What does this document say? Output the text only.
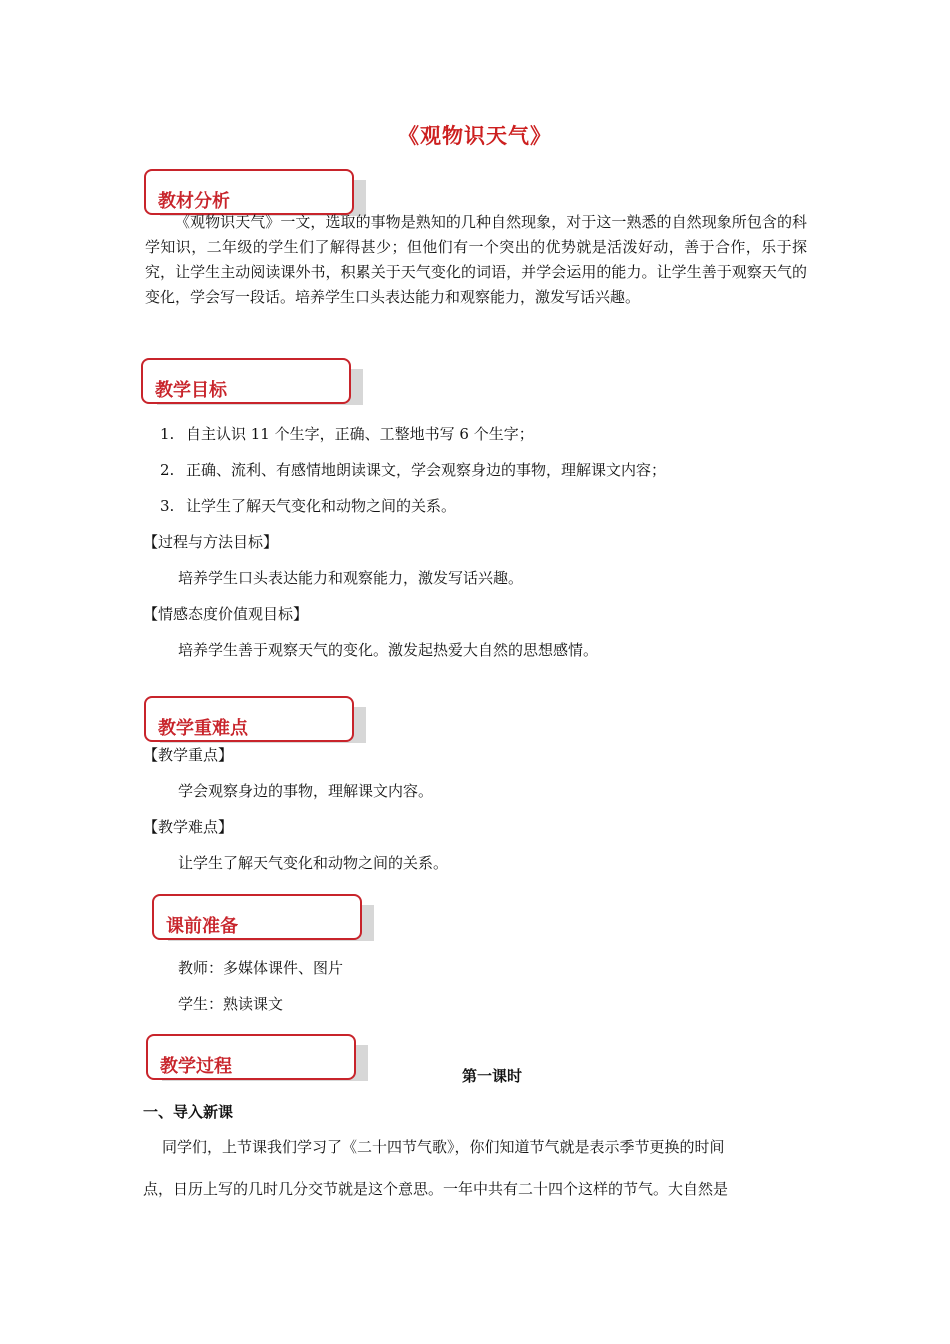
《观物识天气》
教材分析
《观物识天气》一文，选取的事物是熟知的几种自然现象，对于这一熟悉的自然现象所包含的科学知识，二年级的学生们了解得甚少；但他们有一个突出的优势就是活泼好动，善于合作，乐于探究，让学生主动阅读课外书，积累关于天气变化的词语，并学会运用的能力。让学生善于观察天气的变化，学会写一段话。培养学生口头表达能力和观察能力，激发写话兴趣。
教学目标
1. 自主认识 11 个生字，正确、工整地书写 6 个生字；
2. 正确、流利、有感情地朗读课文，学会观察身边的事物，理解课文内容；
3. 让学生了解天气变化和动物之间的关系。
【过程与方法目标】
培养学生口头表达能力和观察能力，激发写话兴趣。
【情感态度价值观目标】
培养学生善于观察天气的变化。激发起热爱大自然的思想感情。
教学重难点
【教学重点】
学会观察身边的事物，理解课文内容。
【教学难点】
让学生了解天气变化和动物之间的关系。
课前准备
教师：多媒体课件、图片
学生：熟读课文
教学过程	第一课时
一、导入新课
同学们，上节课我们学习了《二十四节气歌》，你们知道节气就是表示季节更换的时间
点，日历上写的几时几分交节就是这个意思。一年中共有二十四个这样的节气。大自然是
